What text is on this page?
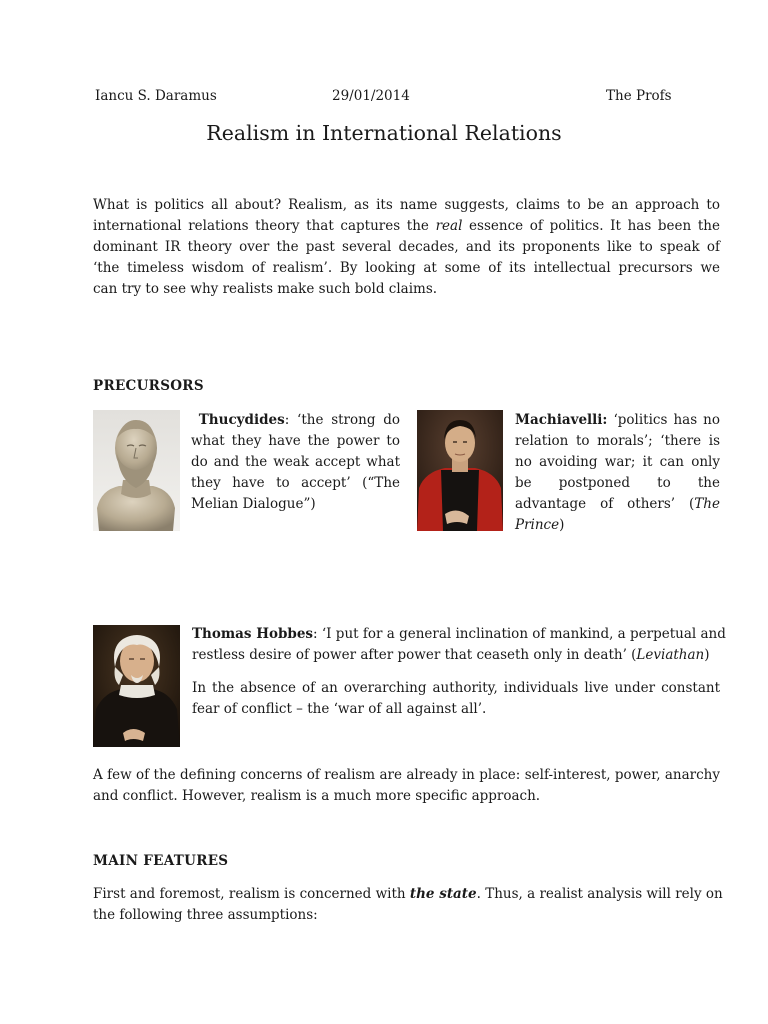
Iancu S. Daramus	29/01/2014	The Profs
Realism in International Relations
What is politics all about? Realism, as its name suggests, claims to be an approach to
international relations theory that captures the real essence of politics. It has been the
dominant IR theory over the past several decades, and its proponents like to speak of
‘the timeless wisdom of realism’. By looking at some of its intellectual precursors we
can try to see why realists make such bold claims.
PRECURSORS
Thucydides: ‘the strong do
what they have the power to
do and the weak accept what
they have to accept’ (“The
Melian Dialogue”)
Machiavelli: ‘politics has no
relation to morals’; ‘there is
no avoiding war; it can only
be postponed to the
advantage of others’ (The
Prince)
Thomas Hobbes: ‘I put for a general inclination of mankind, a perpetual and
restless desire of power after power that ceaseth only in death’ (Leviathan)
In the absence of an overarching authority, individuals live under constant
fear of conflict – the ‘war of all against all’.
A few of the defining concerns of realism are already in place: self-interest, power, anarchy
and conflict. However, realism is a much more specific approach.
MAIN FEATURES
First and foremost, realism is concerned with the state. Thus, a realist analysis will rely on
the following three assumptions:
